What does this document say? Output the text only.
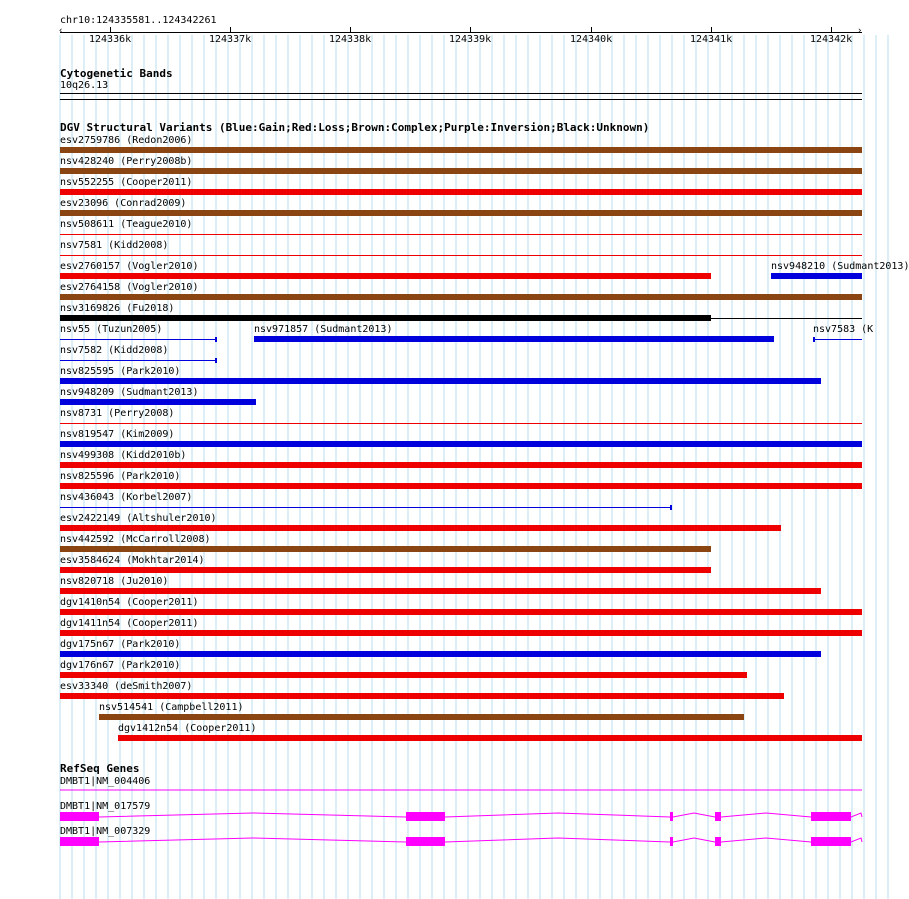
chr10:124335581..124342261
124336k	124337k	124338k	124339k	124340k	124341k	124342k
‹	›
Cytogenetic Bands
10q26.13
DGV Structural Variants (Blue:Gain;Red:Loss;Brown:Complex;Purple:Inversion;Black:Unknown)
esv2759786 (Redon2006)
nsv428240 (Perry2008b)
nsv552255 (Cooper2011)
esv23096 (Conrad2009)
nsv508611 (Teague2010)
nsv7581 (Kidd2008)
esv2760157 (Vogler2010)	nsv948210 (Sudmant2013)
esv2764158 (Vogler2010)
nsv3169826 (Fu2018)
nsv55 (Tuzun2005)	nsv971857 (Sudmant2013)	nsv7583 (K
nsv7582 (Kidd2008)
nsv825595 (Park2010)
nsv948209 (Sudmant2013)
nsv8731 (Perry2008)
nsv819547 (Kim2009)
nsv499308 (Kidd2010b)
nsv825596 (Park2010)
nsv436043 (Korbel2007)
esv2422149 (Altshuler2010)
nsv442592 (McCarroll2008)
esv3584624 (Mokhtar2014)
nsv820718 (Ju2010)
dgv1410n54 (Cooper2011)
dgv1411n54 (Cooper2011)
dgv175n67 (Park2010)
dgv176n67 (Park2010)
esv33340 (deSmith2007)
nsv514541 (Campbell2011)
dgv1412n54 (Cooper2011)
RefSeq Genes
DMBT1|NM_004406
DMBT1|NM_017579
DMBT1|NM_007329
